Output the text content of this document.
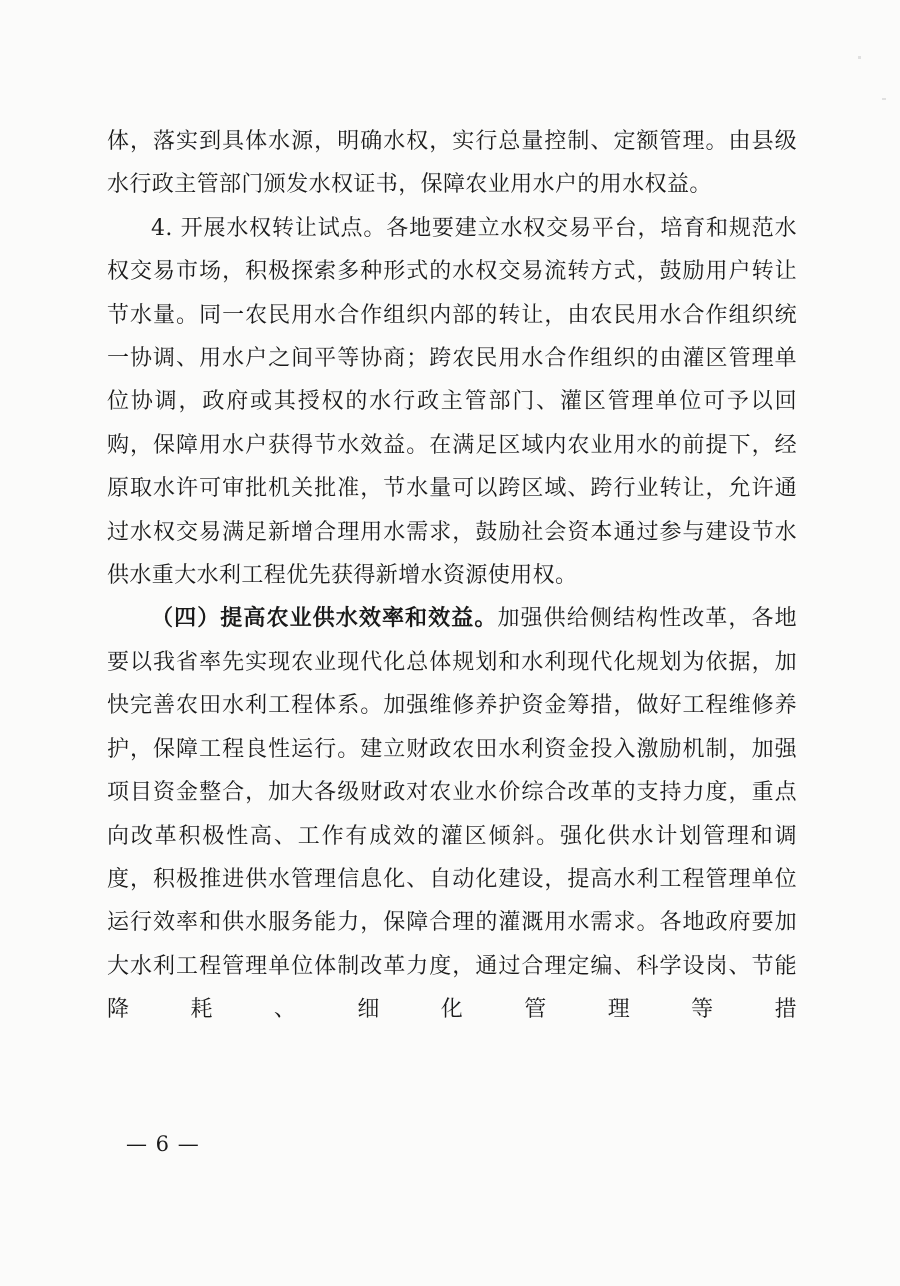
体，落实到具体水源，明确水权，实行总量控制、定额管理。由县级水行政主管部门颁发水权证书，保障农业用水户的用水权益。

4. 开展水权转让试点。各地要建立水权交易平台，培育和规范水权交易市场，积极探索多种形式的水权交易流转方式，鼓励用户转让节水量。同一农民用水合作组织内部的转让，由农民用水合作组织统一协调、用水户之间平等协商；跨农民用水合作组织的由灌区管理单位协调，政府或其授权的水行政主管部门、灌区管理单位可予以回购，保障用水户获得节水效益。在满足区域内农业用水的前提下，经原取水许可审批机关批准，节水量可以跨区域、跨行业转让，允许通过水权交易满足新增合理用水需求，鼓励社会资本通过参与建设节水供水重大水利工程优先获得新增水资源使用权。

（四）提高农业供水效率和效益。加强供给侧结构性改革，各地要以我省率先实现农业现代化总体规划和水利现代化规划为依据，加快完善农田水利工程体系。加强维修养护资金筹措，做好工程维修养护，保障工程良性运行。建立财政农田水利资金投入激励机制，加强项目资金整合，加大各级财政对农业水价综合改革的支持力度，重点向改革积极性高、工作有成效的灌区倾斜。强化供水计划管理和调度，积极推进供水管理信息化、自动化建设，提高水利工程管理单位运行效率和供水服务能力，保障合理的灌溉用水需求。各地政府要加大水利工程管理单位体制改革力度，通过合理定编、科学设岗、节能降耗、细化管理等措

— 6 —
